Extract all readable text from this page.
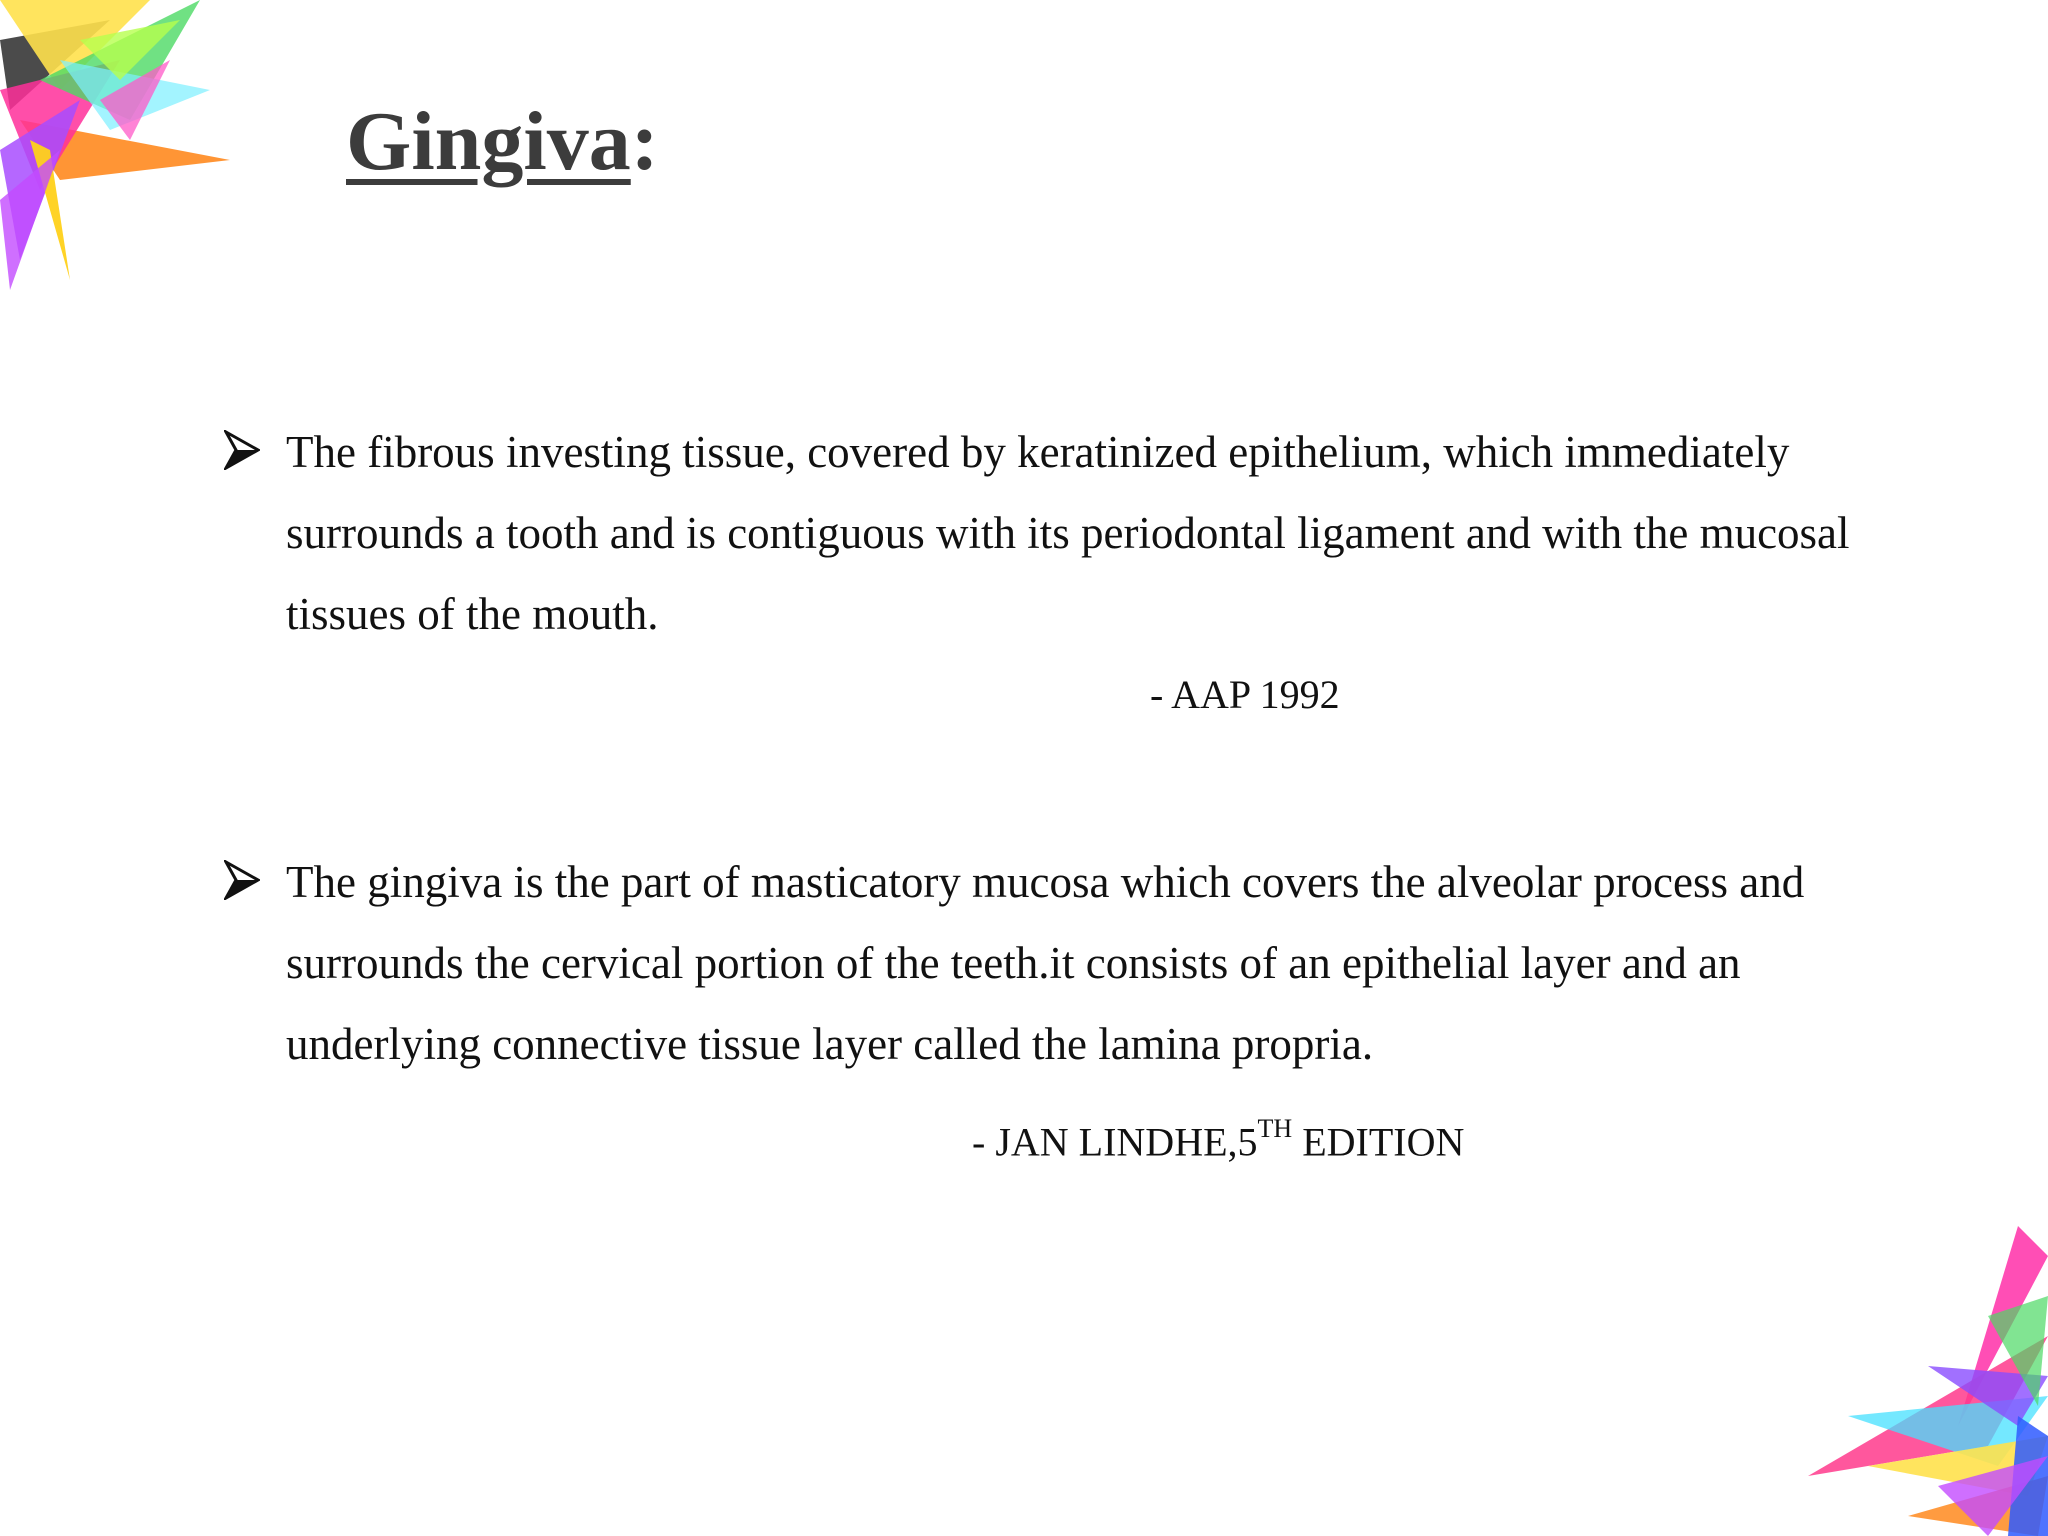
Gingiva:

The fibrous investing tissue, covered by keratinized epithelium, which immediately surrounds a tooth and is contiguous with its periodontal ligament and with the mucosal tissues of the mouth.

- AAP 1992

The gingiva is the part of masticatory mucosa which covers the alveolar process and surrounds the cervical portion of the teeth.it consists of an epithelial layer and an underlying connective tissue layer called the lamina propria.

- JAN LINDHE,5TH EDITION
